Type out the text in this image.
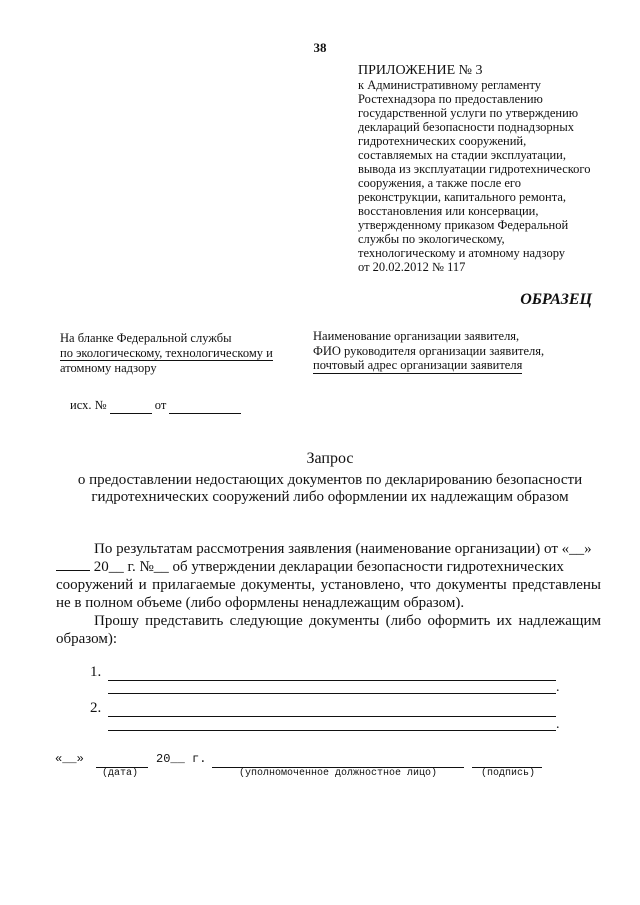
38
ПРИЛОЖЕНИЕ № 3
к Административному регламенту
Ростехнадзора по предоставлению
государственной услуги по утверждению
деклараций безопасности поднадзорных
гидротехнических сооружений,
составляемых на стадии эксплуатации,
вывода из эксплуатации гидротехнического
сооружения, а также после его
реконструкции, капитального ремонта,
восстановления или консервации,
утвержденному приказом Федеральной
службы по экологическому,
технологическому и атомному надзору
от 20.02.2012 № 117
ОБРАЗЕЦ
На бланке Федеральной службы
по экологическому, технологическому и
атомному надзору
Наименование организации заявителя,
ФИО руководителя организации заявителя,
почтовый адрес организации заявителя
исх. №	от
Запрос
о предоставлении недостающих документов по декларированию безопасности
гидротехнических сооружений либо оформлении их надлежащим образом

По результатам рассмотрения заявления (наименование организации) от «__»

20__ г. №__ об утверждении декларации безопасности гидротехнических

сооружений и прилагаемые документы, установлено, что документы представлены не в полном объеме (либо оформлены ненадлежащим образом).

Прошу представить следующие документы (либо оформить их надлежащим образом):

1.
.
2.
.
«__»	20__ г.
(дата)	(уполномоченное должностное лицо)	(подпись)
